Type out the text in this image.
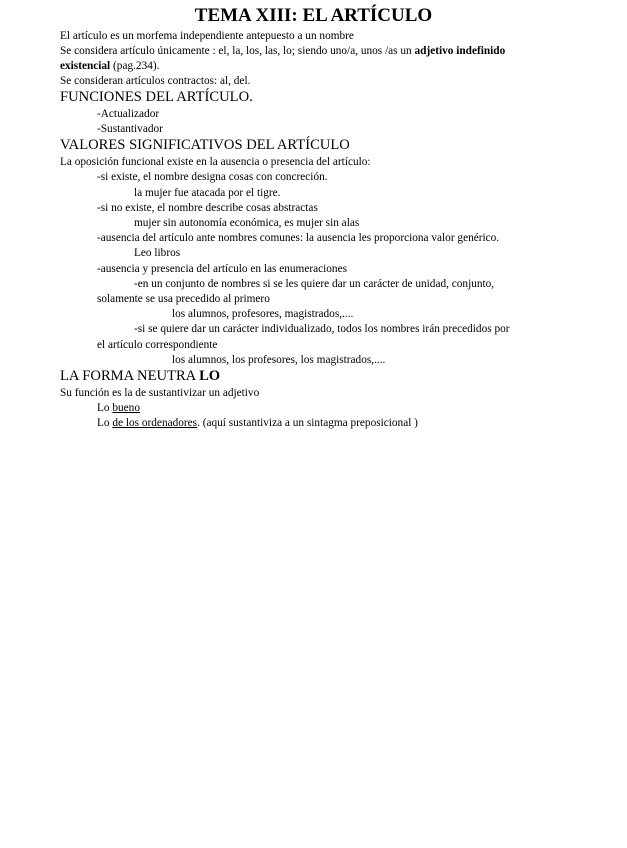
TEMA XIII: EL ARTÍCULO
El artículo es un morfema independiente antepuesto a un nombre
Se considera artículo únicamente : el, la, los, las, lo; siendo uno/a, unos /as un adjetivo indefinido
existencial (pag.234).
Se consideran artículos contractos: al, del.
FUNCIONES DEL ARTÍCULO.
-Actualizador
-Sustantivador
VALORES SIGNIFICATIVOS DEL ARTÍCULO
La oposición funcional existe en la ausencia o presencia del artículo:
-si existe, el nombre designa cosas con concreción.
la mujer fue atacada por el tigre.
-si no existe, el nombre describe cosas abstractas
mujer sin autonomía económica, es mujer sin alas
-ausencia del artículo ante nombres comunes: la ausencia les proporciona valor genérico.
Leo libros
-ausencia y presencia del artículo en las enumeraciones
-en un conjunto de nombres si se les quiere dar un carácter de unidad, conjunto,
solamente se usa precedido al primero
los alumnos, profesores, magistrados,....
-si se quiere dar un carácter individualizado, todos los nombres irán precedidos por
el artículo correspondiente
los alumnos, los profesores, los magistrados,....
LA FORMA NEUTRA LO
Su función es la de sustantivizar un adjetivo
Lo bueno
Lo de los ordenadores. (aquí sustantiviza a un sintagma preposicional )
